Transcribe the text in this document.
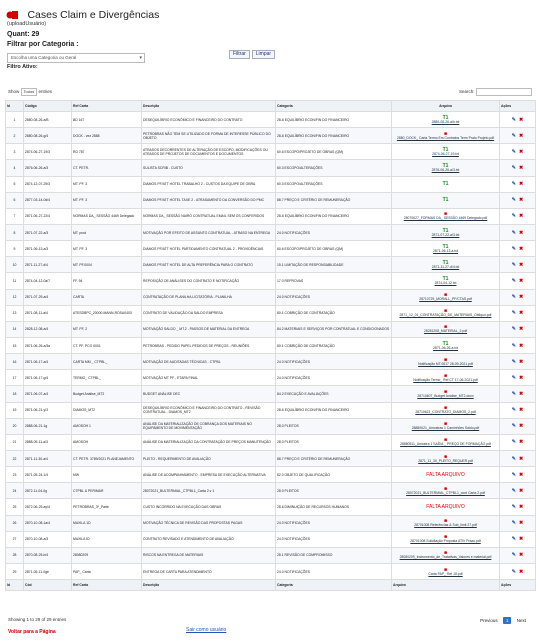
Cases Claim e Divergências
(uploadUsuário)
Quant: 29
Filtrar por Categoria :
Filtrar Limpar
Escolha uma Categoria ou Geral	▾
Filtro Ativo:
Show Todos entries	Search:
Id	Código	Ref Carta	Descrição	Categoria	Arquivo	Ações
1	2880-08-26-a/B	BD 167	DESEQUILÍBRIO ECONÔMICO E FINANCEIRO DO CONTRATO	28-6 EQUILÍBRIO ECON/FIN DO FINANCEIRO	T1
2880-08-26-a/b.txt	✎ ✖
2	2880-08-26-g/4	DOCK - vez 2888	PETROBRAS NÃO TEM SE UTILIZADO DE FORMA DE INTERESSE PÚBLICO DO OBJETO	28-6 EQUILÍBRIO ECON/FIN DO FINANCEIRO	■
2880_DOCK_ Carta Termo Em Contratos Term Prato Projeto.pdf	✎ ✖
3	2874-06-27-19/3	RD 787	ATRASOS DECORRENTES DE ALTERAÇÃO DE ESCOPO, MODIFICAÇÕES OU ATRASOS DE PROJETOS DE DOCUMENTOS E DOCUMENTOS	60.6 ESCOPO/PROJETO DE OBRAS (QM)	T1
2874-06-27-19.txt	✎ ✖
4	2876-06-26-a/3	CT. PETR.	SULISTA SCRIB - CUSTO	60.3 ESCOPO/ALTERAÇÕES	T1
2876-06-26-a/3.txt	✎ ✖
5	2874-12-07-29/3	MT. PF. 3	DIAMOS PF/ATT HOTEL TRABALHO 2 - CUSTOS DA EQUIPE DE OBRA	60.3 ESCOPO/ALTERAÇÕES	T1	✎ ✖
6	2877-03-14-0d/4	MT. PF. 3	DIAMOS PF/ATT HOTEL TAXE 2 - ATRASAMENTO DA CONVERSÃO DO PMC	88.7 PREÇO E CRITÉRIO DE REMUNERAÇÃO	T1	✎ ✖
7	2871-06-27-22/4	NORMAS DA_ SESSÃO 4469 Delegado	NORMAS DA_ SESSÃO NAIRO CONTRATUAL EMAIL SEM OS CONFERIDOS	28-6 EQUILÍBRIO ECON/FIN DO FINANCEIRO	■
28070627_FORMAS DA_ SESSÃO 4469 Delegado.pdf	✎ ✖
8	2871-07-22-a/3	MT. prod	MOTIVAÇÃO POR EFEITO DE ASSUNTO CONTRATUAL - ATRASO NA ENTREGA	24.0 NOTIFICAÇÕES	T1
2871-07-22-a/3.txt	✎ ✖
9	2871-06-13-a/3	MT. PF. 3	DIAMOS PF/ATT HOTEL PARTIDAMENTO CONTRATUAL 2 - PROVIDÊNCIAS	60.6 ESCOPO/PROJETO DE OBRAS (QM)	T1
2871-06-13-a.txt	✎ ✖
10	2871-11-27-d/4	MT. PF.0004	DIAMOS PF/ATT HOTEL DE ALTA PREFERÊNCIA PARA O CONTRATO	15.1 LIMITAÇÃO DE RESPONSABILIDADE	T1
2871-11-27-d/4.txt	✎ ✖
11	2874-04-12-0a/7	FF. 94	REPOSIÇÃO DE ANÁLISES DO CONTRATO E NOTIFICAÇÃO	17.0 REPROVAS	T1
2874-04-12.txt	✎ ✖
12	2871-07-29-a/4	CARTA	CONTRATAÇÃO DE PLANILHA LICITATÓRIA - PLANILHA	24.0 NOTIFICAÇÕES	■
28710729_MORALL_PF/CTAS.pdf	✎ ✖
13	2871-08-11-a/4	ATESDBPC_20000-MANN-ROSA0403	CONTRATO DE VALIDAÇÃO DA SALDO EMPRESA	80.1 COBRIÇÃO DE CONTRATAÇÃO	■
2871_12_01_CONTRATAÇÃO_DE_MATERIAIS_Obliquo.pdf	✎ ✖
14	2828-12-08-a/4	MT. PF. 2	MOTIVAÇÃO SALDO _ MT.2 - PASSOS DE MATERIAL DA ENTREGA	84.2 MATERIAIS E SERVIÇOS POR CONTRATUAL E CONDICIONADOS	■
28281208_MATERIAL_2.pdf	✎ ✖
15	2871-06-26-a/3a	CT. PF. PCO 0001	PETROBRAS - PEDIDO PAPEL PEDIDOS DE PREÇOS - REUNIÕES	80.1 COBRIÇÃO DE CONTRATAÇÃO	T1
2871-06-26-a.txt	✎ ✖
16	2871-06-17-a/4	CARTA MM _ CTPBL_	MOTIVAÇÃO DE AUDITADAS TÉCNICAS - CTPBL	24.0 NOTIFICAÇÕES	■
Notificação MT.0617 28-09-2021.pdf	✎ ✖
17	2871-06-17-g/4	TERMO_ CTPBL_	MOTIVAÇÃO MT PF - ETAPA FINAL	24.0 NOTIFICAÇÕES	■
Notificação Termo_ Ref CT 17-06-2021.pdf	✎ ✖
18	2871-06-07-a/4	Budget Análise_MT2	BUDGET ANÁLISE DEC	84.2 EXECUÇÃO E AVALIAÇÕES	■
28710607_Budget Análise_MT2.docx	✎ ✖
19	2871-06-21-y/3	DIAMOS_MT2	DESEQUILÍBRIO ECONÔMICO E FINANCEIRO DO CONTRATO - REVISÃO CONTRATUAL - DIAMOS_MT2	28-6 EQUILÍBRIO ECON/FIN DO FINANCEIRO	■
28710621_CONTRATO_DIAMOS_2.pdf	✎ ✖
20	2888-06-21-1g	AMOSOH 1	ANÁLISE DA MATERIALIZAÇÃO DE COBRANÇA DOS MATERIAIS NO EQUIPAMENTO DE MOVIMENTAÇÃO	28.0 PLEITOS	■
28880621_Amostras 1 Caminhões Saldo.pdf	✎ ✖
21	2888-05-11-a/3	AMOSOH	ANÁLISE DA MATERIALIZAÇÃO DA CONTRATAÇÃO DE PREÇOS MANUTENÇÃO	28.0 PLEITOS	■
28880511_Amostra 1 SAÍDA _ PREÇO DE FORMAÇÃO.pdf	✎ ✖
22	2871-11-30-a/4	CT. PETR. 3789/2021 PLANEJAMENTO	PLEITO - REQUERIMENTO DE AVALIAÇÃO	88.7 PREÇO E CRITÉRIO DE REMUNERAÇÃO	■
2871_11_30_PLEITO_REQUER.pdf	✎ ✖
23	2871-05-24-1/4	MW	ANÁLISE DE ACOMPANHAMENTO - EMPRESA DE EXECUÇÃO ALTERNATIVA	82.0 OBJETO DE QUALIFICAÇÃO	FALTA ARQUIVO	✎ ✖
24	2872-11-04-0g	CTPBL & PERIMAR	28072021_BULTERMIAL_CTPBL1_Carta 2.v 1	28.0 PLEITOS	■
28072021_BULTERMIAL_CTPBL1_cont Carta 2.pdf	✎ ✖
25	2872-06-29-ay/4	PETROBRAS_3ª_Parte	CUSTO INCORRIDO NA EXECUÇÃO DAS OBRAS	28.6 DIMINUIÇÃO DE RECURSOS HUMANOS	FALTA ARQUIVO	✎ ✖
26	2870-10-08-1a/4	MAXILA 1D	MOTIVAÇÃO TÉCNICA DE REVISÃO DAS PROPOSTAS PAGAS	24.0 NOTIFICAÇÕES	■
28701008 Referências & Sub_limit 27.pdf	✎ ✖
27	2870-10-08-a/3	MAXILA ID	CONTRATO REVISADO E ATENDIMENTO DE AVALIAÇÃO	24.0 NOTIFICAÇÕES	■
28701008 Solicitação Proposta ATIV Prazo.pdf	✎ ✖
28	2870-08-25-b/4	28080209	RISCOS NA ENTREGA DE MATERIAIS	28.1 REVISÃO DE COMPROMISSO	■
28080209_Instrumento_de_Tratativas_Valores e material.pdf	✎ ✖
29	2871-05-11-0ge	PAP_ Carta	ENTREGA DE CARTA PARA ATENDIMENTO	24.0 NOTIFICAÇÕES	■
Carta PAP_ Ref 18.pdf	✎ ✖
Id	Cód	Ref Carta	Descrição	Categoria	Arquivo	Ações
Showing 1 to 29 of 29 entries	Previous 1 Next
Voltar para a Página	Sair como usuário
